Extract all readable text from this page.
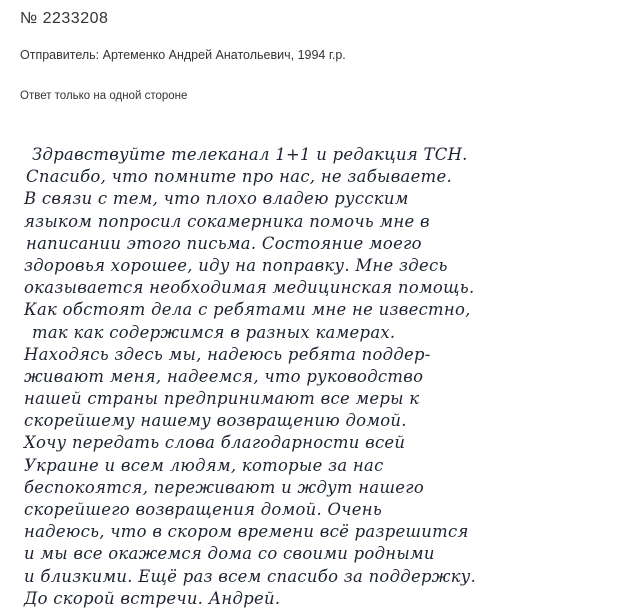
№ 2233208
Отправитель: Артеменко Андрей Анатольевич, 1994 г.р.
Ответ только на одной стороне
Здравствуйте телеканал 1+1 и редакция ТСН.
Спасибо, что помните про нас, не забываете.
В связи с тем, что плохо владею русским
языком попросил сокамерника помочь мне в
написании этого письма. Состояние моего
здоровья хорошее, иду на поправку. Мне здесь
оказывается необходимая медицинская помощь.
Как обстоят дела с ребятами мне не известно,
так как содержимся в разных камерах.
Находясь здесь мы, надеюсь ребята поддер-
живают меня, надеемся, что руководство
нашей страны предпринимают все меры к
скорейшему нашему возвращению домой.
Хочу передать слова благодарности всей
Украине и всем людям, которые за нас
беспокоятся, переживают и ждут нашего
скорейшего возвращения домой. Очень
надеюсь, что в скором времени всё разрешится
и мы все окажемся дома со своими родными
и близкими. Ещё раз всем спасибо за поддержку.
До скорой встречи. Андрей.
